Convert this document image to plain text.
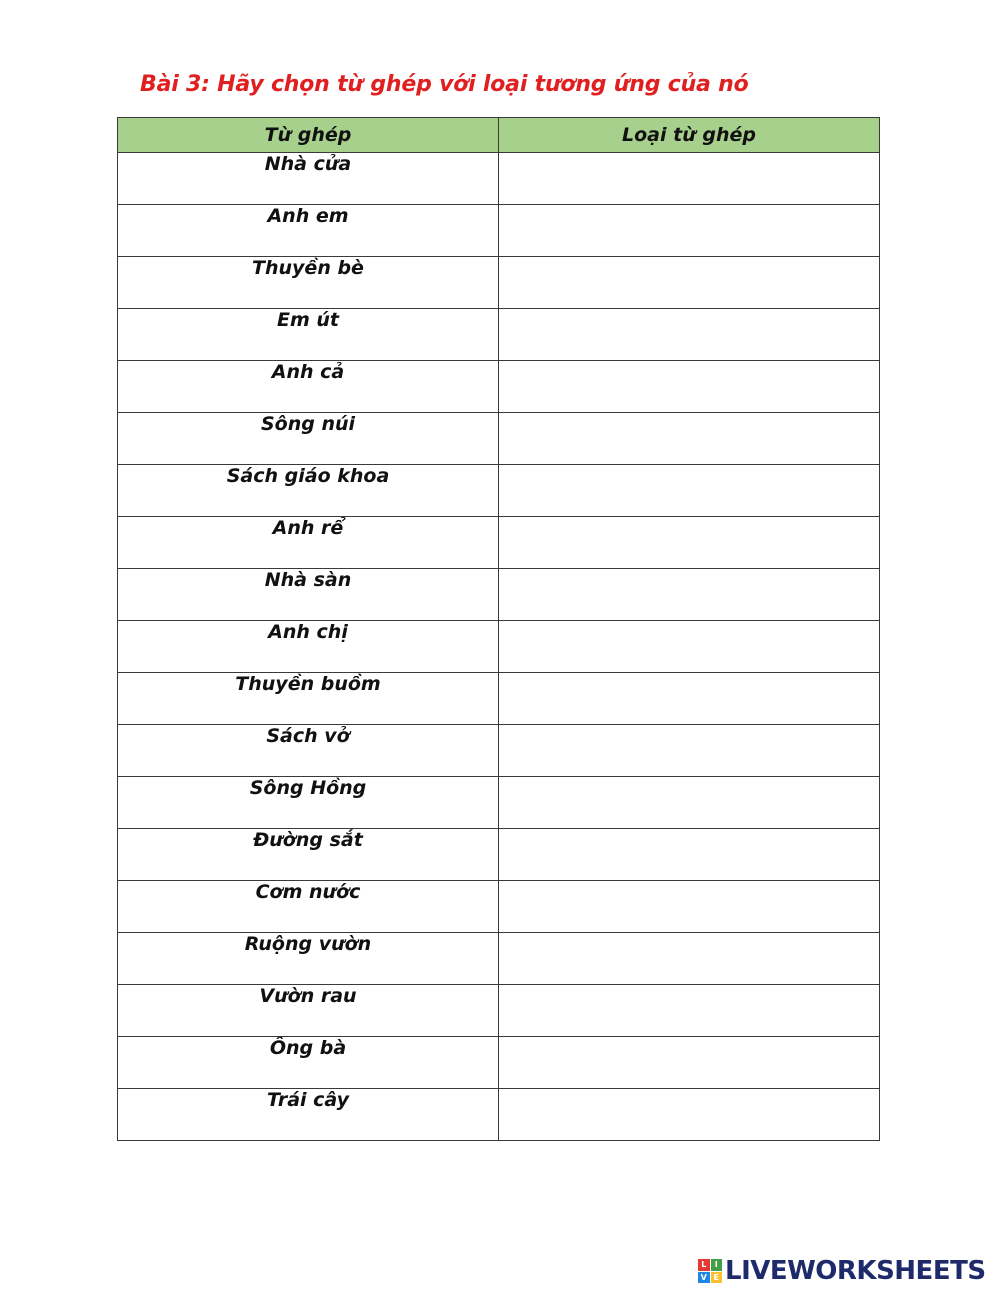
Bài 3: Hãy chọn từ ghép với loại tương ứng của nó
Từ ghép	Loại từ ghép
Nhà cửa	
Anh em	
Thuyền bè	
Em út	
Anh cả	
Sông núi	
Sách giáo khoa	
Anh rể	
Nhà sàn	
Anh chị	
Thuyền buồm	
Sách vở	
Sông Hồng	
Đường sắt	
Cơm nước	
Ruộng vườn	
Vườn rau	
Ông bà	
Trái cây	
L	I
V E LIVEWORKSHEETS
